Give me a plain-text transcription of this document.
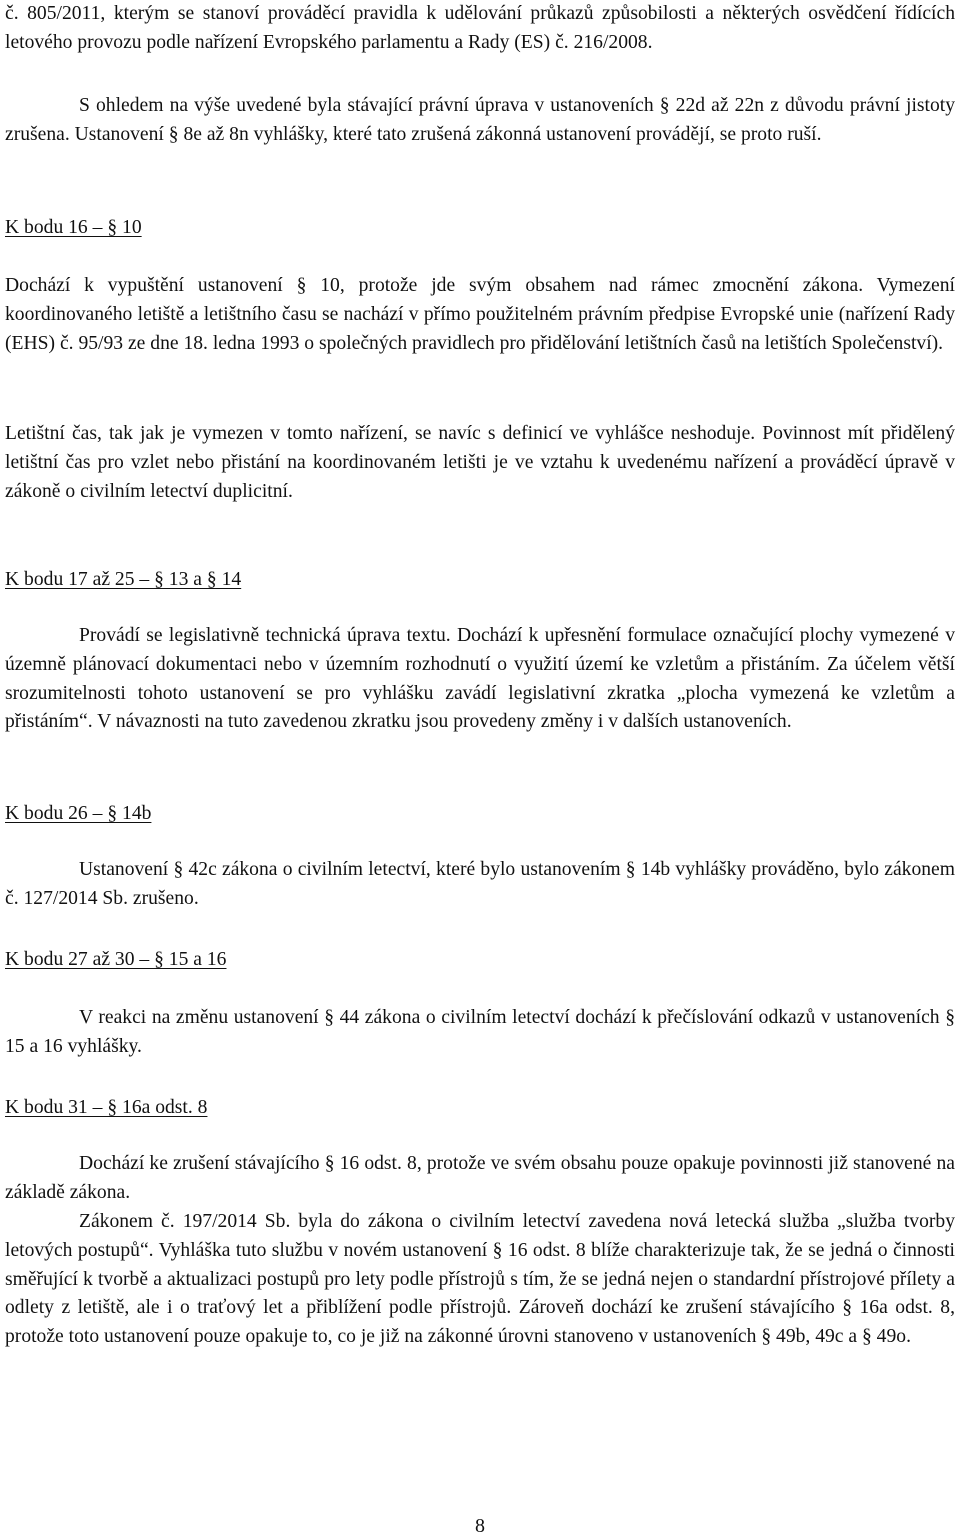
č. 805/2011, kterým se stanoví prováděcí pravidla k udělování průkazů způsobilosti a některých osvědčení řídících letového provozu podle nařízení Evropského parlamentu a Rady (ES) č. 216/2008.

S ohledem na výše uvedené byla stávající právní úprava v ustanoveních § 22d až 22n z důvodu právní jistoty zrušena. Ustanovení § 8e až 8n vyhlášky, které tato zrušená zákonná ustanovení provádějí, se proto ruší.

K bodu 16 – § 10

Dochází k vypuštění ustanovení § 10, protože jde svým obsahem nad rámec zmocnění zákona. Vymezení koordinovaného letiště a letištního času se nachází v přímo použitelném právním předpise Evropské unie (nařízení Rady (EHS) č. 95/93 ze dne 18. ledna 1993 o společných pravidlech pro přidělování letištních časů na letištích Společenství).

Letištní čas, tak jak je vymezen v tomto nařízení, se navíc s definicí ve vyhlášce neshoduje. Povinnost mít přidělený letištní čas pro vzlet nebo přistání na koordinovaném letišti je ve vztahu k uvedenému nařízení a prováděcí úpravě v zákoně o civilním letectví duplicitní.

K bodu 17 až 25 – § 13 a § 14

Provádí se legislativně technická úprava textu. Dochází k upřesnění formulace označující plochy vymezené v územně plánovací dokumentaci nebo v územním rozhodnutí o využití území ke vzletům a přistáním. Za účelem větší srozumitelnosti tohoto ustanovení se pro vyhlášku zavádí legislativní zkratka „plocha vymezená ke vzletům a přistáním“. V návaznosti na tuto zavedenou zkratku jsou provedeny změny i v dalších ustanoveních.

K bodu 26 – § 14b

Ustanovení § 42c zákona o civilním letectví, které bylo ustanovením § 14b vyhlášky prováděno, bylo zákonem č. 127/2014 Sb. zrušeno.

K bodu 27 až 30 – § 15 a 16

V reakci na změnu ustanovení § 44 zákona o civilním letectví dochází k přečíslování odkazů v ustanoveních § 15 a 16 vyhlášky.

K bodu 31 – § 16a odst. 8

Dochází ke zrušení stávajícího § 16 odst. 8, protože ve svém obsahu pouze opakuje povinnosti již stanovené na základě zákona.

Zákonem č. 197/2014 Sb. byla do zákona o civilním letectví zavedena nová letecká služba „služba tvorby letových postupů“. Vyhláška tuto službu v novém ustanovení § 16 odst. 8 blíže charakterizuje tak, že se jedná o činnosti směřující k tvorbě a aktualizaci postupů pro lety podle přístrojů s tím, že se jedná nejen o standardní přístrojové přílety a odlety z letiště, ale i o traťový let a přiblížení podle přístrojů. Zároveň dochází ke zrušení stávajícího § 16a odst. 8, protože toto ustanovení pouze opakuje to, co je již na zákonné úrovni stanoveno v ustanoveních § 49b, 49c a § 49o.

8
